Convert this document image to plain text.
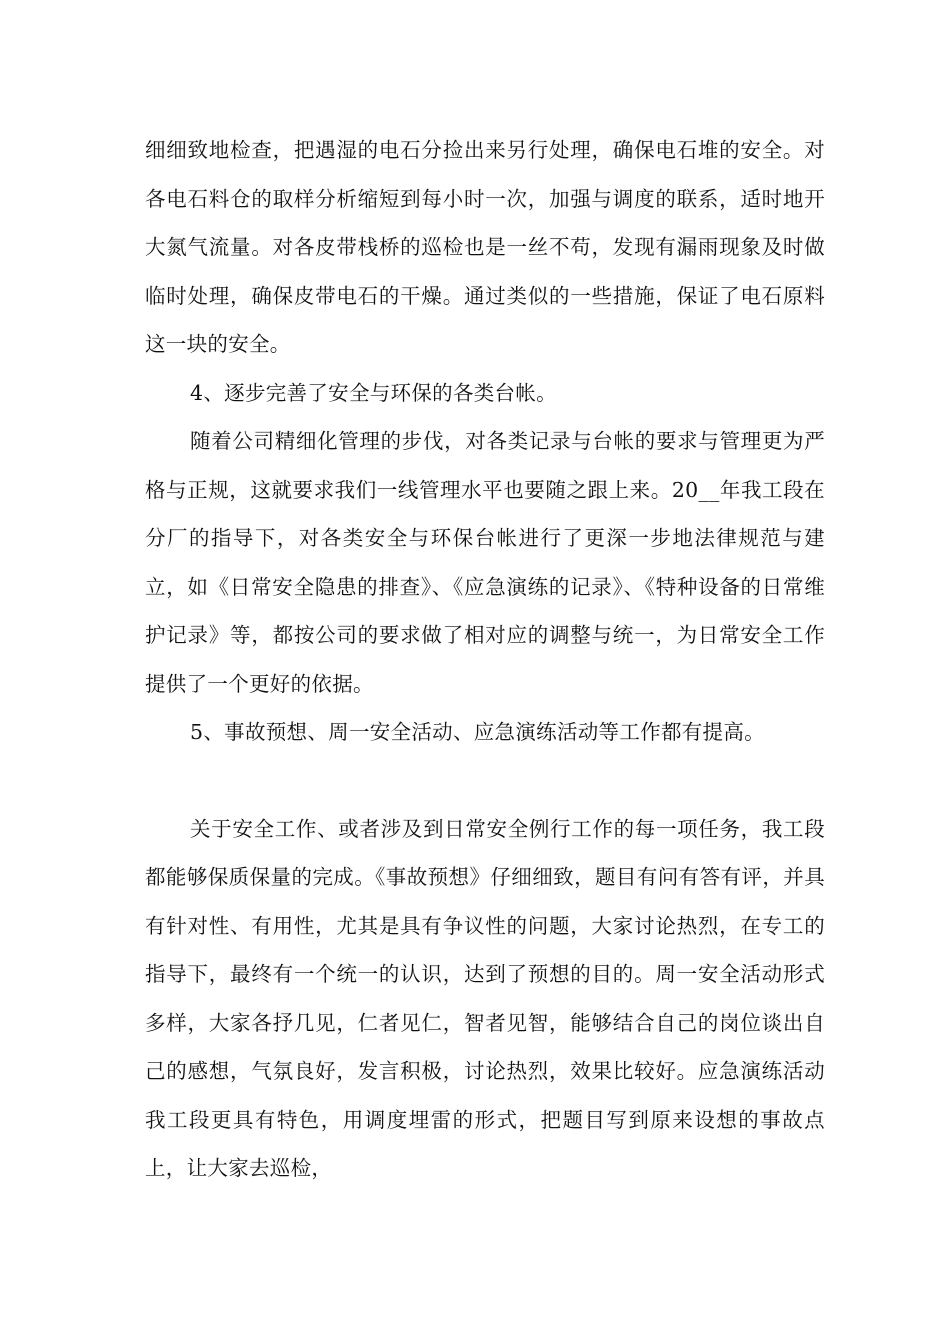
细细致地检查，把遇湿的电石分捡出来另行处理，确保电石堆的安全。对各电石料仓的取样分析缩短到每小时一次，加强与调度的联系，适时地开大氮气流量。对各皮带栈桥的巡检也是一丝不苟，发现有漏雨现象及时做临时处理，确保皮带电石的干燥。通过类似的一些措施，保证了电石原料这一块的安全。

4、逐步完善了安全与环保的各类台帐。

随着公司精细化管理的步伐，对各类记录与台帐的要求与管理更为严格与正规，这就要求我们一线管理水平也要随之跟上来。20__年我工段在分厂的指导下，对各类安全与环保台帐进行了更深一步地法律规范与建立，如《日常安全隐患的排查》、《应急演练的记录》、《特种设备的日常维护记录》等，都按公司的要求做了相对应的调整与统一，为日常安全工作提供了一个更好的依据。

5、事故预想、周一安全活动、应急演练活动等工作都有提高。

关于安全工作、或者涉及到日常安全例行工作的每一项任务，我工段都能够保质保量的完成。《事故预想》仔细细致，题目有问有答有评，并具有针对性、有用性，尤其是具有争议性的问题，大家讨论热烈，在专工的指导下，最终有一个统一的认识，达到了预想的目的。周一安全活动形式多样，大家各抒几见，仁者见仁，智者见智，能够结合自己的岗位谈出自己的感想，气氛良好，发言积极，讨论热烈，效果比较好。应急演练活动我工段更具有特色，用调度埋雷的形式，把题目写到原来设想的事故点上，让大家去巡检，
